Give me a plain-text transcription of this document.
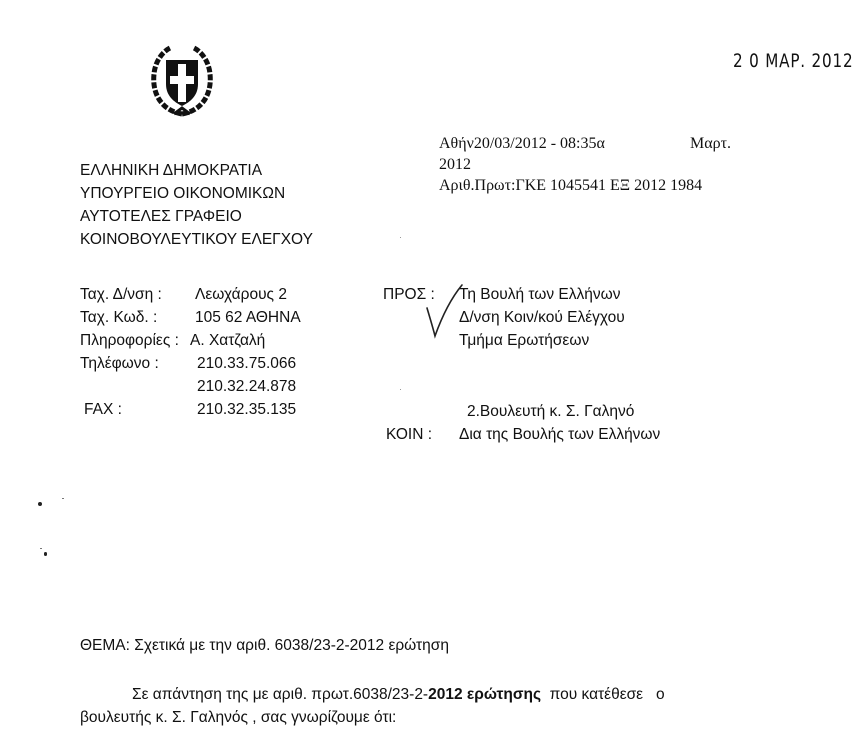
2 0 ΜΑΡ. 2012
Αθήν20/03/2012 - 08:35α	Μαρτ.
2012
Αριθ.Πρωτ:ΓΚΕ 1045541 ΕΞ 2012 1984
ΕΛΛΗΝΙΚΗ ΔΗΜΟΚΡΑΤΙΑ
ΥΠΟΥΡΓΕΙΟ ΟΙΚΟΝΟΜΙΚΩΝ
ΑΥΤΟΤΕΛΕΣ ΓΡΑΦΕΙΟ
ΚΟΙΝΟΒΟΥΛΕΥΤΙΚΟΥ ΕΛΕΓΧΟΥ
Ταχ. Δ/νση : Λεωχάρους 2
Ταχ. Κωδ. : 105 62 ΑΘΗΝΑ
Πληροφορίες : Α. Χατζαλή
Τηλέφωνο : 210.33.75.066
210.32.24.878
FAX :	210.32.35.135
ΠΡΟΣ : Τη Βουλή των Ελλήνων
Δ/νση Κοιν/κού Ελέγχου
Τμήμα Ερωτήσεων
2.Βουλευτή κ. Σ. Γαληνό
ΚΟΙΝ : Δια της Βουλής των Ελλήνων
ΘΕΜΑ: Σχετικά με την αριθ. 6038/23-2-2012 ερώτηση
Σε απάντηση της με αριθ. πρωτ.6038/23-2-2012 ερώτησης  που κατέθεσε   ο
βουλευτής κ. Σ. Γαληνός , σας γνωρίζουμε ότι:
